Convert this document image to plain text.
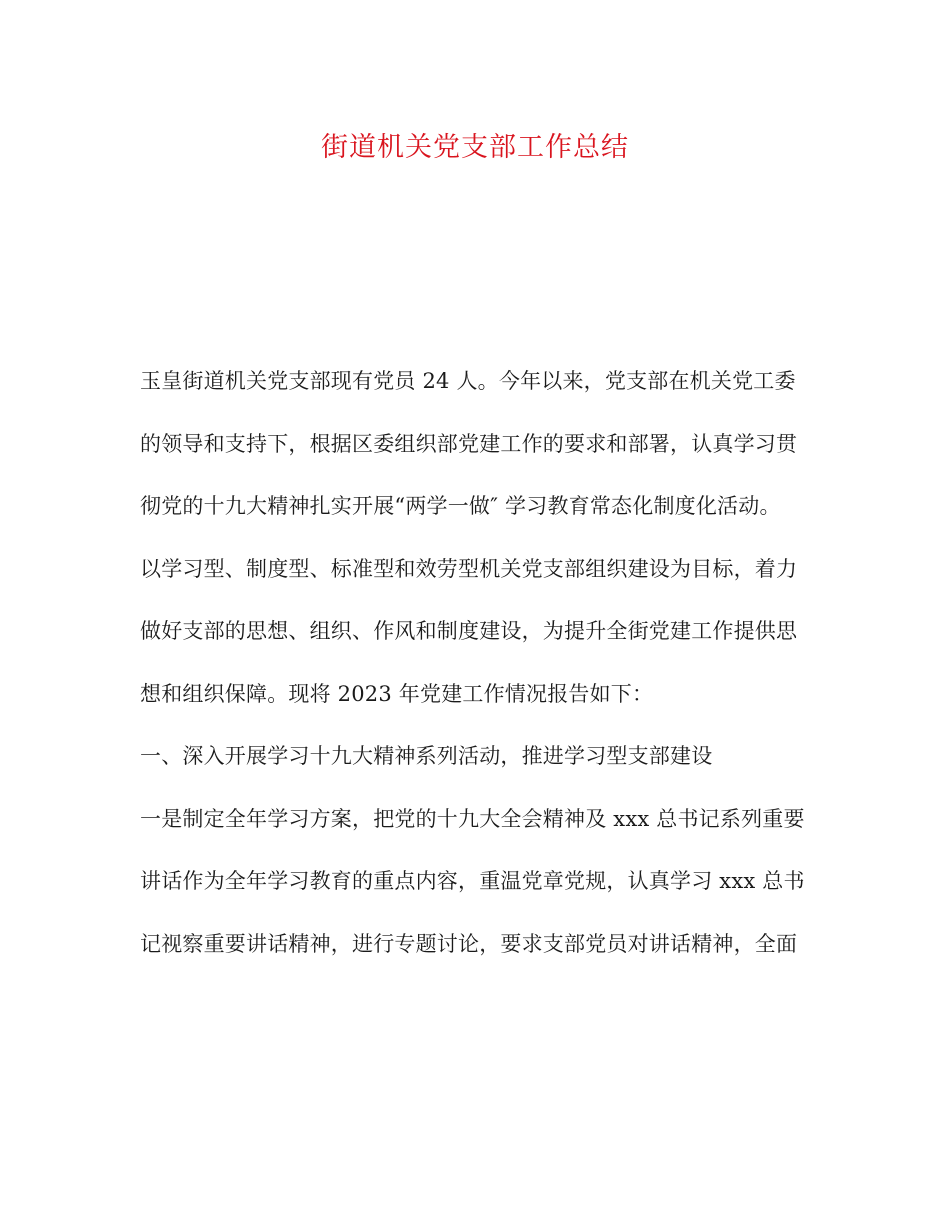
街道机关党支部工作总结
玉皇街道机关党支部现有党员 24 人。今年以来，党支部在机关党工委
的领导和支持下，根据区委组织部党建工作的要求和部署，认真学习贯
彻党的十九大精神扎实开展“两学一做″ 学习教育常态化制度化活动。
以学习型、制度型、标准型和效劳型机关党支部组织建设为目标，着力
做好支部的思想、组织、作风和制度建设，为提升全街党建工作提供思
想和组织保障。现将 2023 年党建工作情况报告如下：
一、深入开展学习十九大精神系列活动，推进学习型支部建设
一是制定全年学习方案，把党的十九大全会精神及 xxx 总书记系列重要
讲话作为全年学习教育的重点内容，重温党章党规，认真学习 xxx 总书
记视察重要讲话精神，进行专题讨论，要求支部党员对讲话精神，全面
